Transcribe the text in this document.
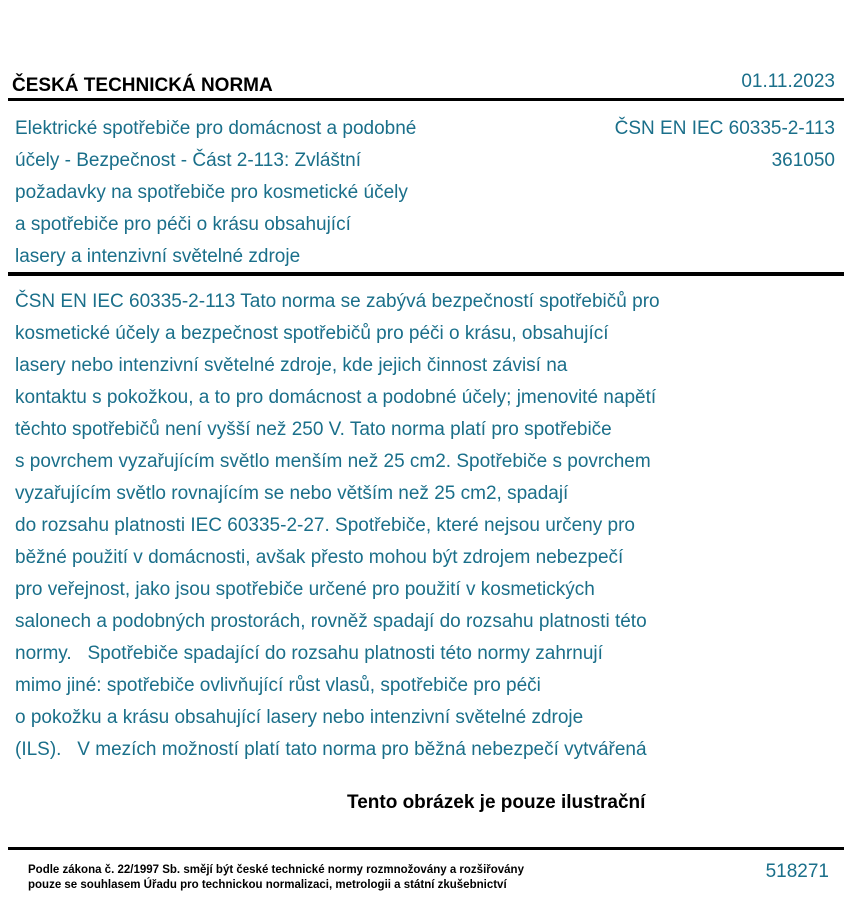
ČESKÁ TECHNICKÁ NORMA	01.11.2023
Elektrické spotřebiče pro domácnost a podobné
účely - Bezpečnost - Část 2-113: Zvláštní
požadavky na spotřebiče pro kosmetické účely
a spotřebiče pro péči o krásu obsahující
lasery a intenzivní světelné zdroje
ČSN EN IEC 60335-2-113
361050
ČSN EN IEC 60335-2-113 Tato norma se zabývá bezpečností spotřebičů pro
kosmetické účely a bezpečnost spotřebičů pro péči o krásu, obsahující
lasery nebo intenzivní světelné zdroje, kde jejich činnost závisí na
kontaktu s pokožkou, a to pro domácnost a podobné účely; jmenovité napětí
těchto spotřebičů není vyšší než 250 V. Tato norma platí pro spotřebiče
s povrchem vyzařujícím světlo menším než 25 cm2. Spotřebiče s povrchem
vyzařujícím světlo rovnajícím se nebo větším než 25 cm2, spadají
do rozsahu platnosti IEC 60335-2-27. Spotřebiče, které nejsou určeny pro
běžné použití v domácnosti, avšak přesto mohou být zdrojem nebezpečí
pro veřejnost, jako jsou spotřebiče určené pro použití v kosmetických
salonech a podobných prostorách, rovněž spadají do rozsahu platnosti této
normy.   Spotřebiče spadající do rozsahu platnosti této normy zahrnují
mimo jiné: spotřebiče ovlivňující růst vlasů, spotřebiče pro péči
o pokožku a krásu obsahující lasery nebo intenzivní světelné zdroje
(ILS).   V mezích možností platí tato norma pro běžná nebezpečí vytvářená
Tento obrázek je pouze ilustrační
Podle zákona č. 22/1997 Sb. smějí být české technické normy rozmnožovány a rozšiřovány
pouze se souhlasem Úřadu pro technickou normalizaci, metrologii a státní zkušebnictví
518271
